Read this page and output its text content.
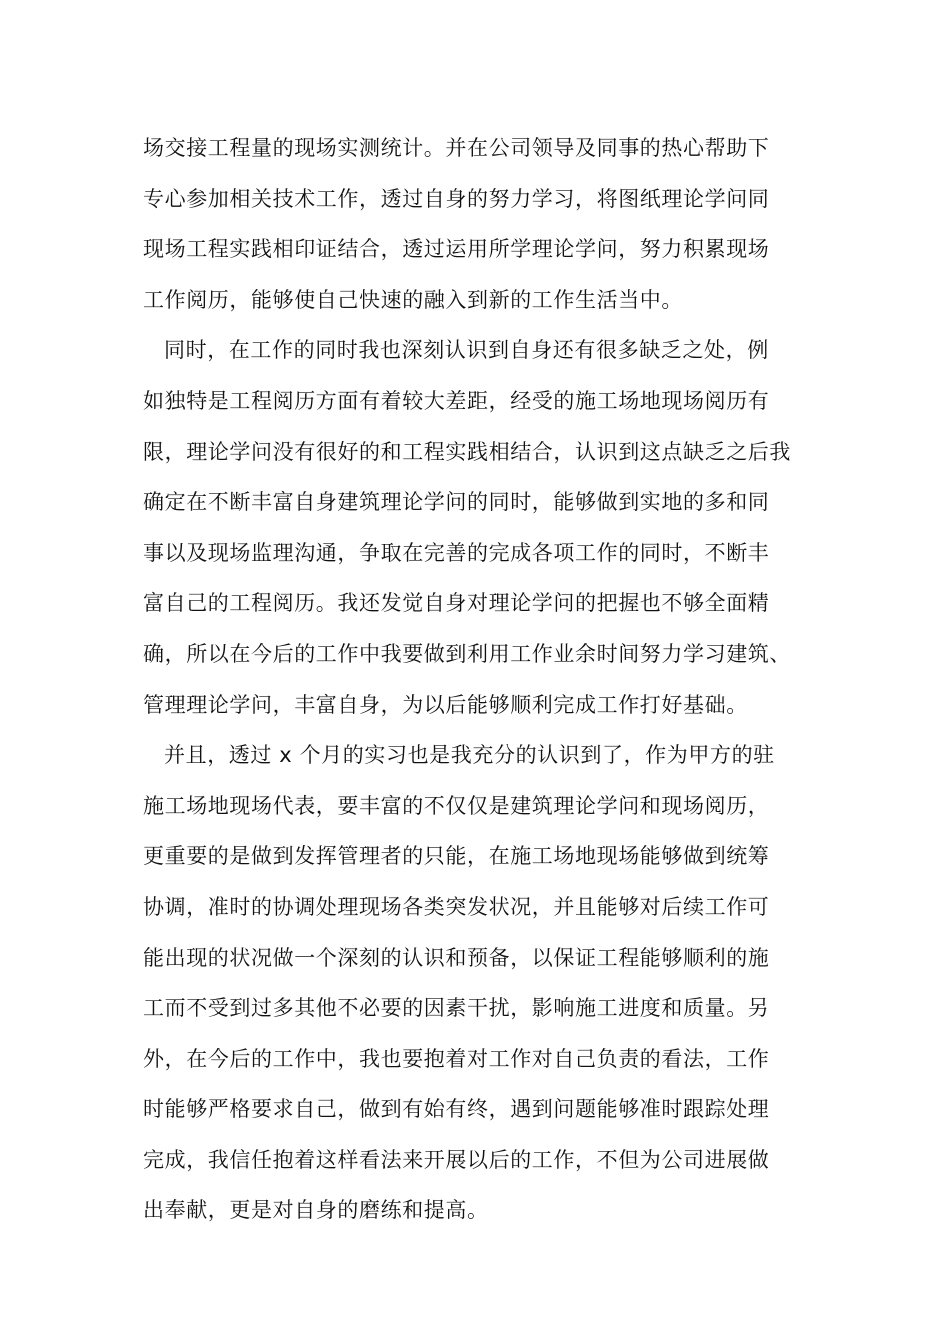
场交接工程量的现场实测统计。并在公司领导及同事的热心帮助下
专心参加相关技术工作，透过自身的努力学习，将图纸理论学问同
现场工程实践相印证结合，透过运用所学理论学问，努力积累现场
工作阅历，能够使自己快速的融入到新的工作生活当中。
同时，在工作的同时我也深刻认识到自身还有很多缺乏之处，例
如独特是工程阅历方面有着较大差距，经受的施工场地现场阅历有
限，理论学问没有很好的和工程实践相结合，认识到这点缺乏之后我
确定在不断丰富自身建筑理论学问的同时，能够做到实地的多和同
事以及现场监理沟通，争取在完善的完成各项工作的同时，不断丰
富自己的工程阅历。我还发觉自身对理论学问的把握也不够全面精
确，所以在今后的工作中我要做到利用工作业余时间努力学习建筑、
管理理论学问，丰富自身，为以后能够顺利完成工作打好基础。
并且，透过 x 个月的实习也是我充分的认识到了，作为甲方的驻
施工场地现场代表，要丰富的不仅仅是建筑理论学问和现场阅历，
更重要的是做到发挥管理者的只能，在施工场地现场能够做到统筹
协调，准时的协调处理现场各类突发状况，并且能够对后续工作可
能出现的状况做一个深刻的认识和预备，以保证工程能够顺利的施
工而不受到过多其他不必要的因素干扰，影响施工进度和质量。另
外，在今后的工作中，我也要抱着对工作对自己负责的看法，工作
时能够严格要求自己，做到有始有终，遇到问题能够准时跟踪处理
完成，我信任抱着这样看法来开展以后的工作，不但为公司进展做
出奉献，更是对自身的磨练和提高。
